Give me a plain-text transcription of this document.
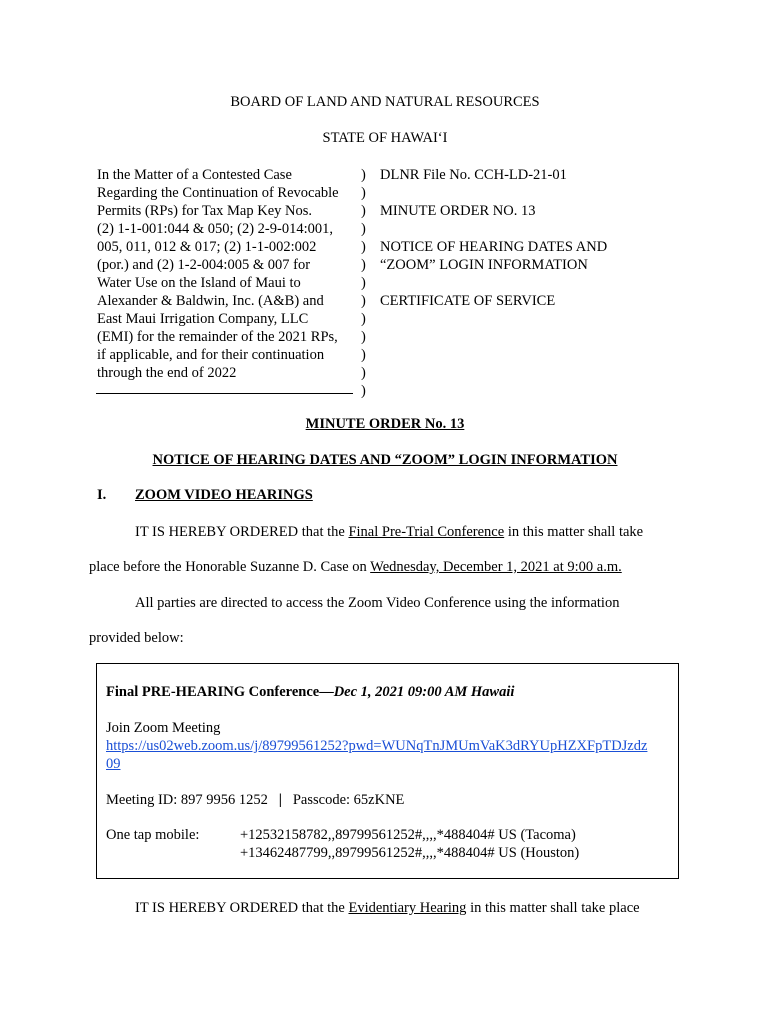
BOARD OF LAND AND NATURAL RESOURCES
STATE OF HAWAI‘I
In the Matter of a Contested Case
Regarding the Continuation of Revocable
Permits (RPs) for Tax Map Key Nos.
(2) 1-1-001:044 & 050; (2) 2-9-014:001,
005, 011, 012 & 017; (2) 1-1-002:002
(por.) and (2) 1-2-004:005 & 007 for
Water Use on the Island of Maui to
Alexander & Baldwin, Inc. (A&B) and
East Maui Irrigation Company, LLC
(EMI) for the remainder of the 2021 RPs,
if applicable, and for their continuation
through the end of 2022
)
)
)
)
)
)
)
)
)
)
)
)
)
DLNR File No. CCH-LD-21-01
MINUTE ORDER NO. 13
NOTICE OF HEARING DATES AND
“ZOOM” LOGIN INFORMATION
CERTIFICATE OF SERVICE
MINUTE ORDER No. 13
NOTICE OF HEARING DATES AND “ZOOM” LOGIN INFORMATION
I. ZOOM VIDEO HEARINGS
IT IS HEREBY ORDERED that the Final Pre-Trial Conference in this matter shall take
place before the Honorable Suzanne D. Case on Wednesday, December 1, 2021 at 9:00 a.m.
All parties are directed to access the Zoom Video Conference using the information
provided below:
Final PRE-HEARING Conference—Dec 1, 2021 09:00 AM Hawaii
Join Zoom Meeting
https://us02web.zoom.us/j/89799561252?pwd=WUNqTnJMUmVaK3dRYUpHZXFpTDJzdz
09
Meeting ID: 897 9956 1252 | Passcode: 65zKNE
One tap mobile:	+12532158782,,89799561252#,,,,*488404# US (Tacoma)
+13462487799,,89799561252#,,,,*488404# US (Houston)
IT IS HEREBY ORDERED that the Evidentiary Hearing in this matter shall take place
